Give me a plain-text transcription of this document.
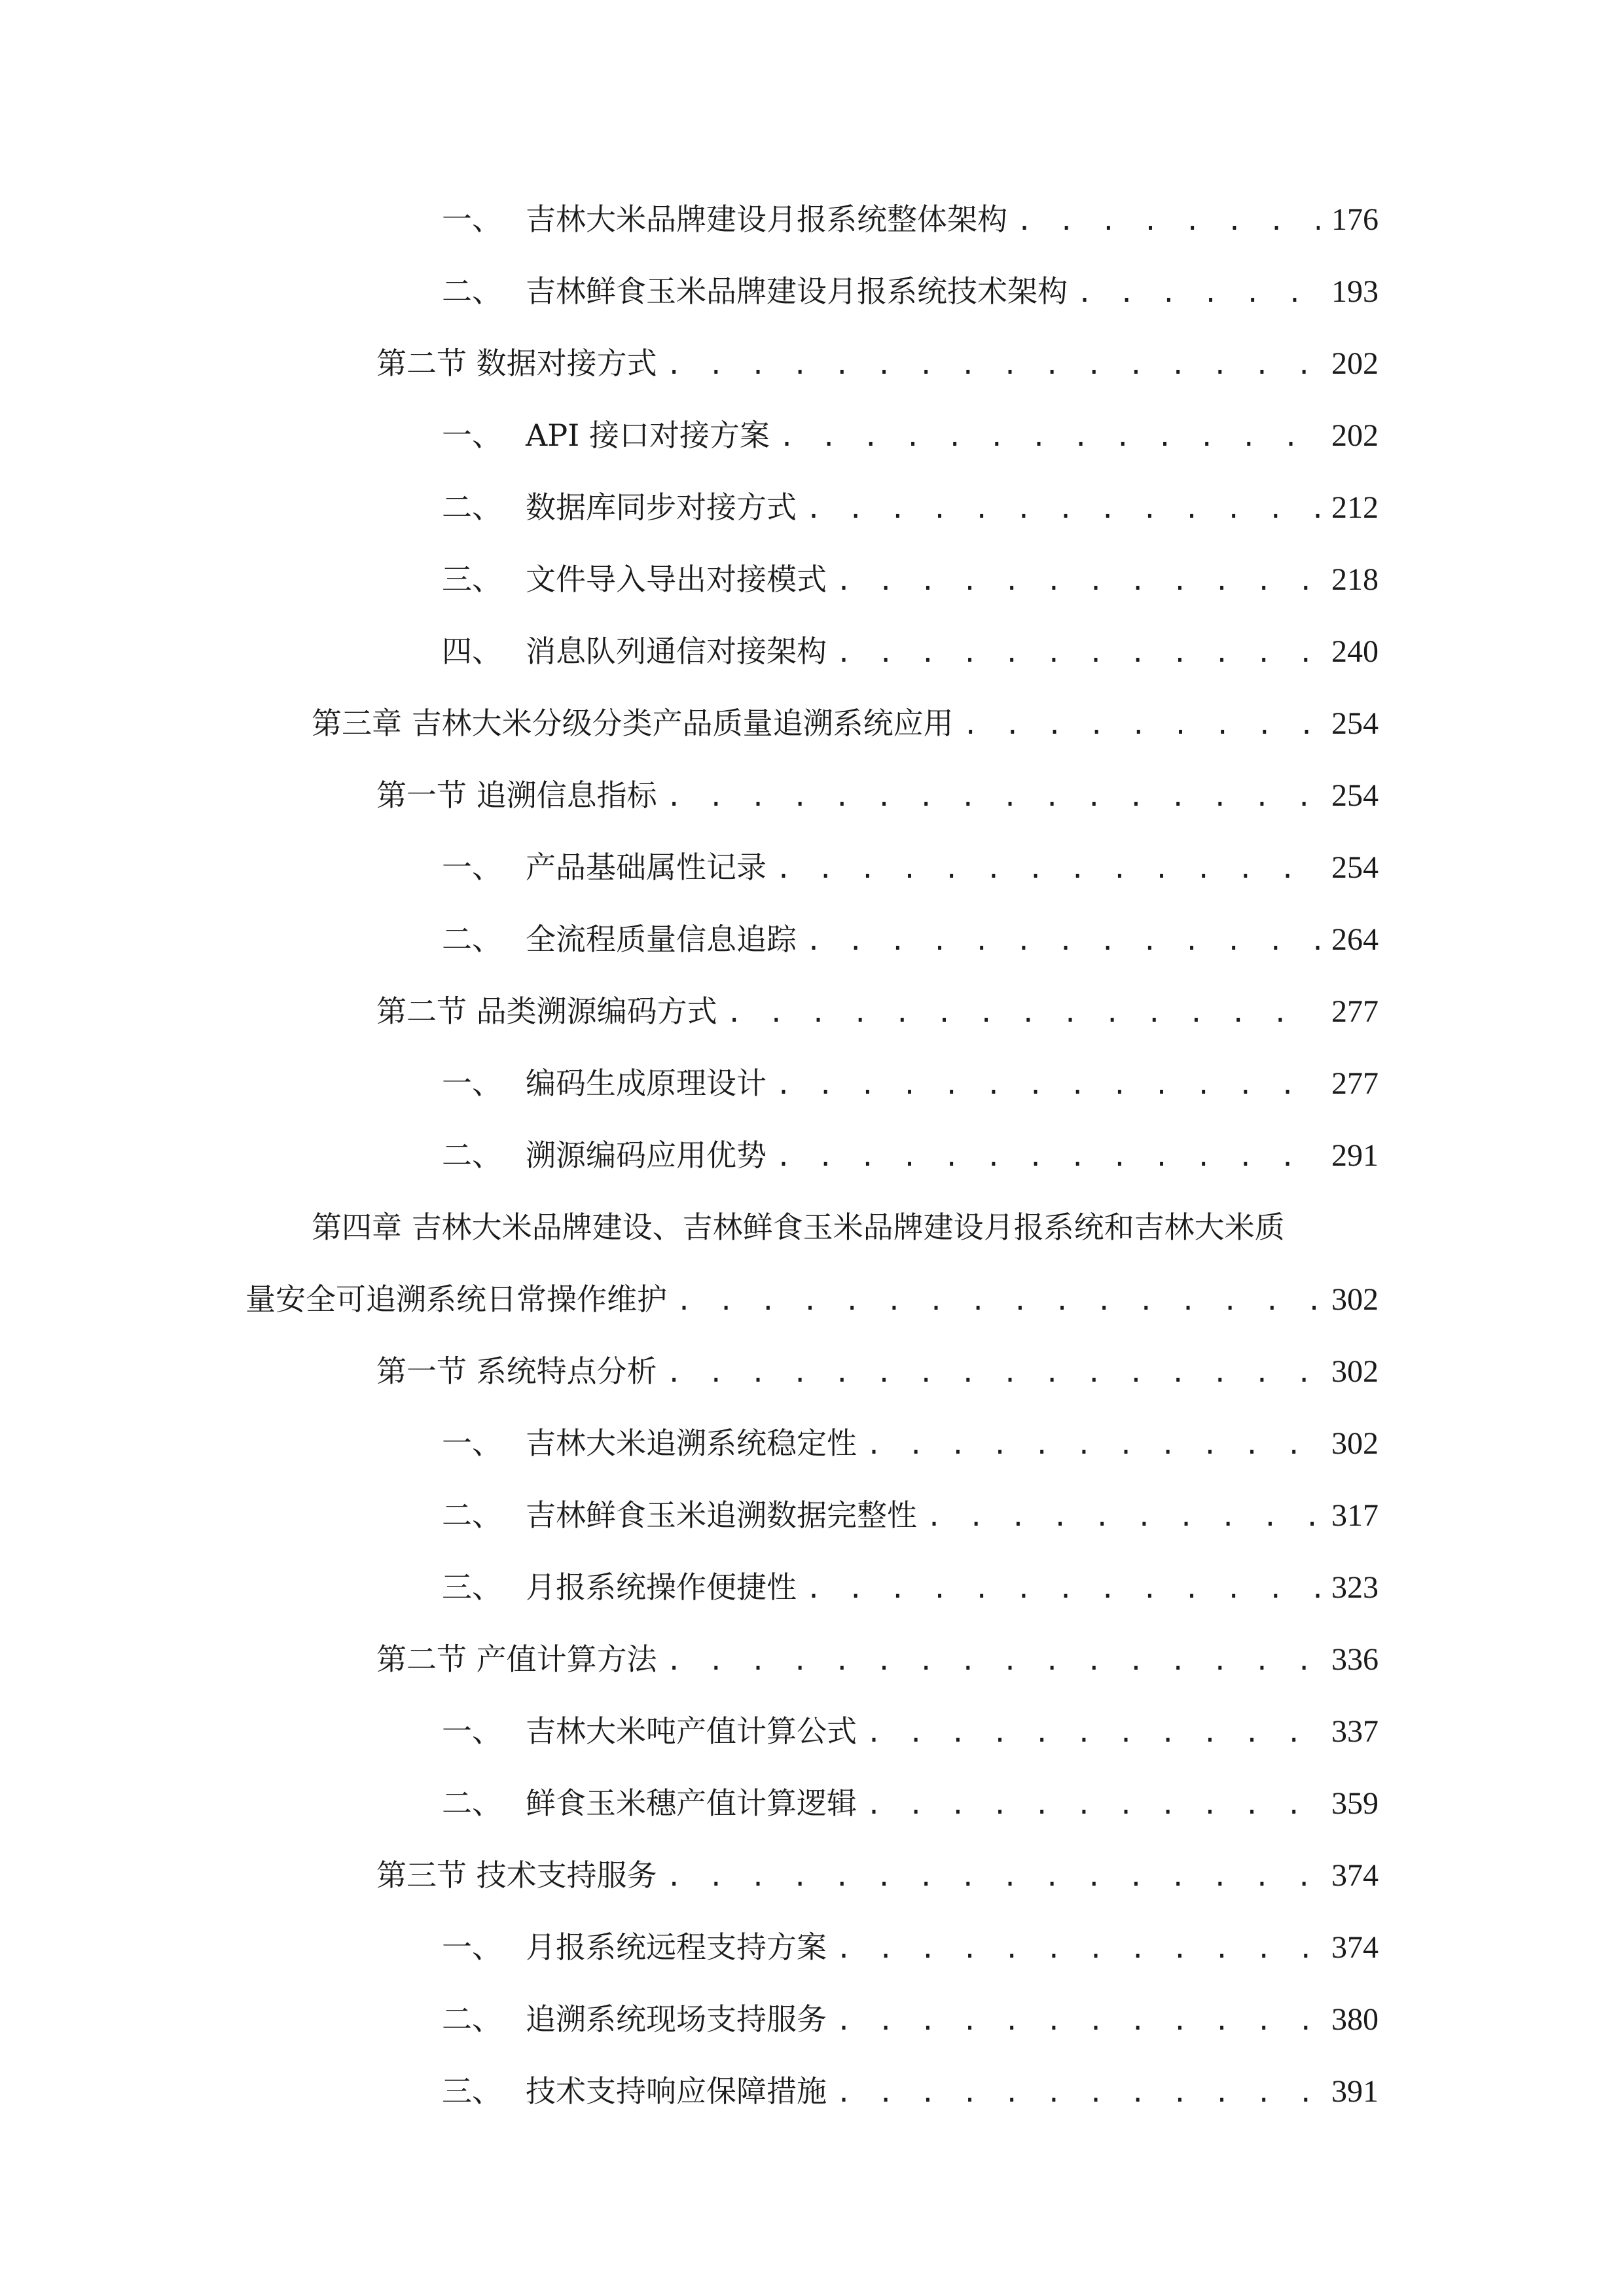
一、 吉林大米品牌建设月报系统整体架构 . . .	176
二、 吉林鲜食玉米品牌建设月报系统技术架构 . . .	193
第二节 数据对接方式 . . .	202
一、 API 接口对接方案 . . .	202
二、 数据库同步对接方式 . . .	212
三、 文件导入导出对接模式 . . .	218
四、 消息队列通信对接架构 . . .	240
第三章 吉林大米分级分类产品质量追溯系统应用 . . .	254
第一节 追溯信息指标 . . .	254
一、 产品基础属性记录 . . .	254
二、 全流程质量信息追踪 . . .	264
第二节 品类溯源编码方式 . . .	277
一、 编码生成原理设计 . . .	277
二、 溯源编码应用优势 . . .	291
第四章 吉林大米品牌建设、吉林鲜食玉米品牌建设月报系统和吉林大米质
量安全可追溯系统日常操作维护 . . .	302
第一节 系统特点分析 . . .	302
一、 吉林大米追溯系统稳定性 . . .	302
二、 吉林鲜食玉米追溯数据完整性 . . .	317
三、 月报系统操作便捷性 . . .	323
第二节 产值计算方法 . . .	336
一、 吉林大米吨产值计算公式 . . .	337
二、 鲜食玉米穗产值计算逻辑 . . .	359
第三节 技术支持服务 . . .	374
一、 月报系统远程支持方案 . . .	374
二、 追溯系统现场支持服务 . . .	380
三、 技术支持响应保障措施 . . .	391
